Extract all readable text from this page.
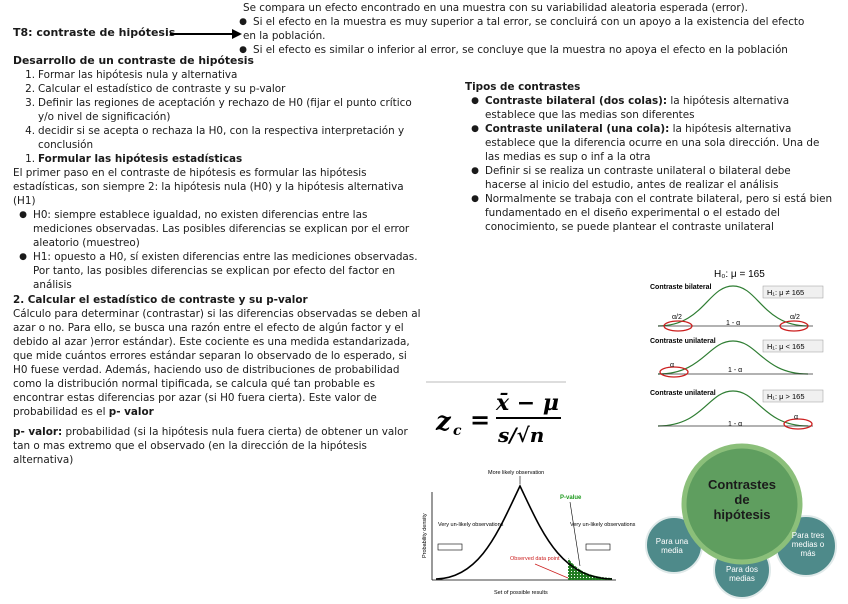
Se compara un efecto encontrado en una muestra con su variabilidad aleatoria esperada (error).
● Si el efecto en la muestra es muy superior a tal error, se concluirá con un apoyo a la existencia del efecto
en la población.
● Si el efecto es similar o inferior al error, se concluye que la muestra no apoya el efecto en la población
T8: contraste de hipótesis
Desarrollo de un contraste de hipótesis
1. Formar las hipótesis nula y alternativa
2. Calcular el estadístico de contraste y su p-valor
3. Definir las regiones de aceptación y rechazo de H0 (fijar el punto crítico y/o nivel de significación)
4. decidir si se acepta o rechaza la H0, con la respectiva interpretación y conclusión
1. Formular las hipótesis estadísticas
El primer paso en el contraste de hipótesis es formular las hipótesis estadísticas, son siempre 2: la hipótesis nula (H0) y la hipótesis alternativa (H1)
● H0: siempre establece igualdad, no existen diferencias entre las mediciones observadas. Las posibles diferencias se explican por el error aleatorio (muestreo)
● H1: opuesto a H0, sí existen diferencias entre las mediciones observadas. Por tanto, las posibles diferencias se explican por efecto del factor en análisis
2. Calcular el estadístico de contraste y su p-valor
Cálculo para determinar (contrastar) si las diferencias observadas se deben al azar o no. Para ello, se busca una razón entre el efecto de algún factor y el debido al azar )error estándar). Este cociente es una medida estandarizada, que mide cuántos errores estándar separan lo observado de lo esperado, si H0 fuese verdad. Además, haciendo uso de distribuciones de probabilidad como la distribución normal tipificada, se calcula qué tan probable es encontrar estas diferencias por azar (si H0 fuera cierta). Este valor de probabilidad es el p- valor
p- valor: probabilidad (si la hipótesis nula fuera cierta) de obtener un valor tan o mas extremo que el observado (en la dirección de la hipótesis alternativa)
Tipos de contrastes
● Contraste bilateral (dos colas): la hipótesis alternativa establece que las medias son diferentes
● Contraste unilateral (una cola): la hipótesis alternativa establece que la diferencia ocurre en una sola dirección. Una de las medias es sup o inf a la otra
● Definir si se realiza un contraste unilateral o bilateral debe hacerse al inicio del estudio, antes de realizar el análisis
● Normalmente se trabaja con el contrate bilateral, pero si está bien fundamentado en el diseño experimental o el estado del conocimiento, se puede plantear el contraste unilateral
z c =
x̄ − μ
s/√n
H₀: μ = 165
Contraste bilateral
H₁: μ ≠ 165
α/2	α/2
1 - α
Contraste unilateral
H₁: μ < 165
α
1 - α
Contraste unilateral	H₁: μ > 165
α
1 - α
Probability density
More likely observation
P-value
Very un-likely observations	Very un-likely observations
Observed data point
Set of possible results
Contrastes de hipótesis
Para una media
Para tres medias o más
Para dos medias
